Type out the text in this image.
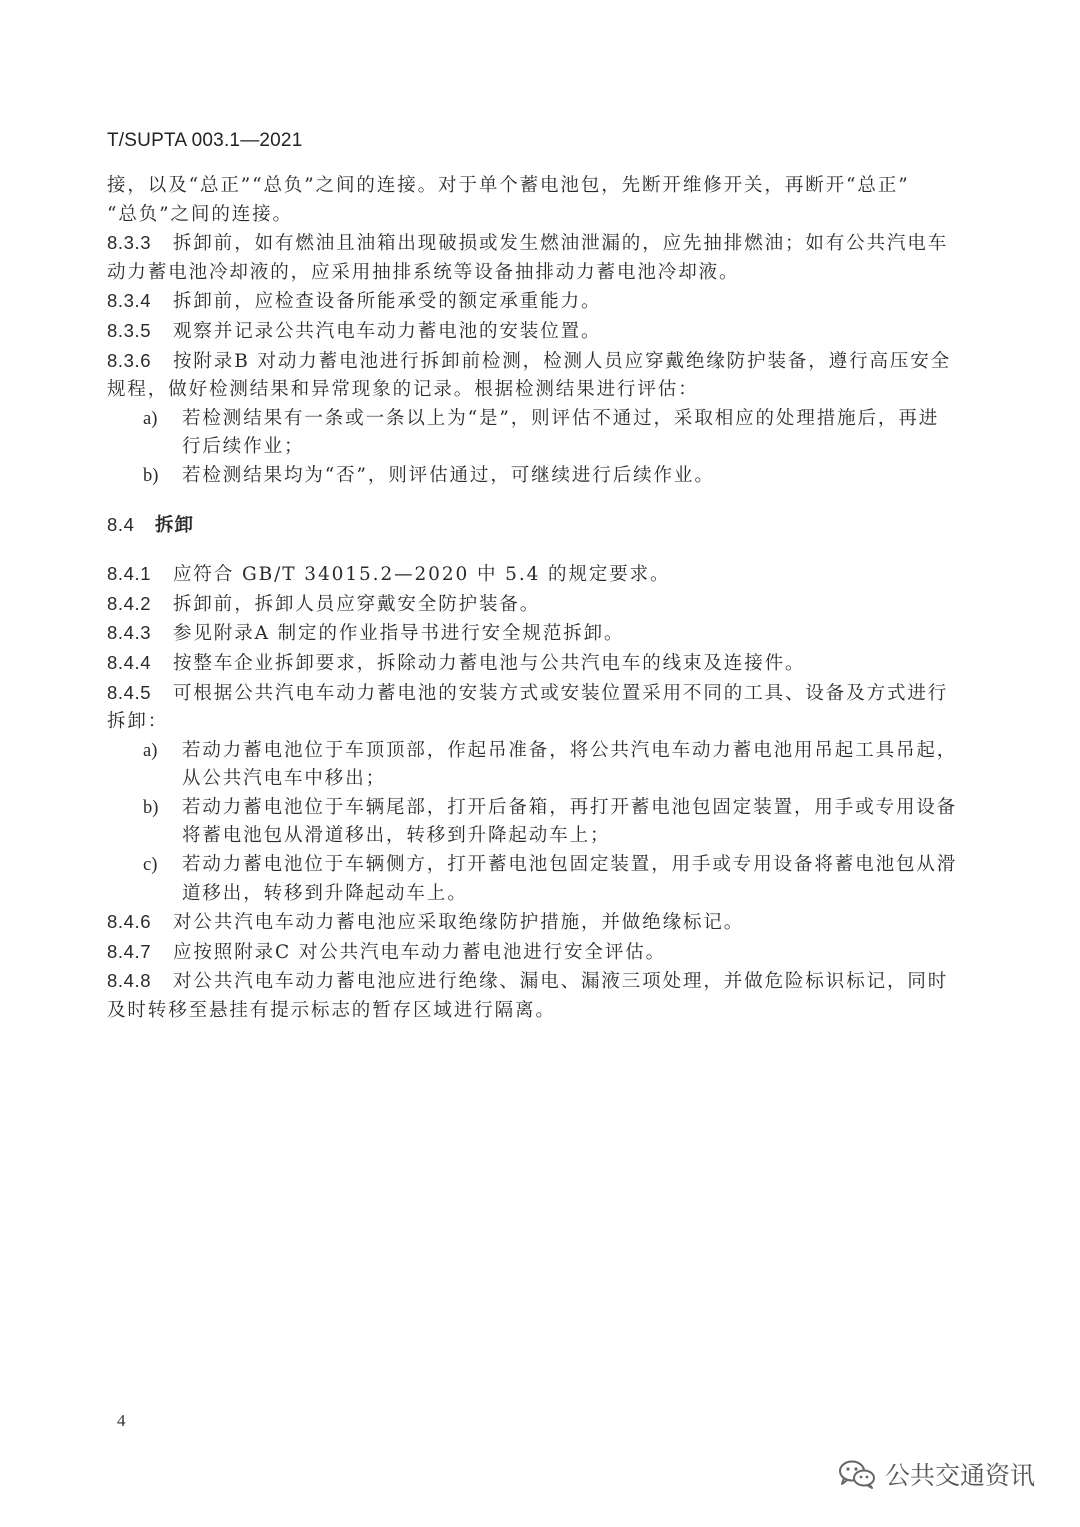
T/SUPTA 003.1—2021
接，以及“总正”“总负”之间的连接。对于单个蓄电池包，先断开维修开关，再断开“总正”
“总负”之间的连接。
8.3.3 拆卸前，如有燃油且油箱出现破损或发生燃油泄漏的，应先抽排燃油；如有公共汽电车
动力蓄电池冷却液的，应采用抽排系统等设备抽排动力蓄电池冷却液。
8.3.4 拆卸前，应检查设备所能承受的额定承重能力。
8.3.5 观察并记录公共汽电车动力蓄电池的安装位置。
8.3.6 按附录B 对动力蓄电池进行拆卸前检测，检测人员应穿戴绝缘防护装备，遵行高压安全
规程，做好检测结果和异常现象的记录。根据检测结果进行评估：
a) 若检测结果有一条或一条以上为“是”，则评估不通过，采取相应的处理措施后，再进
行后续作业；
b) 若检测结果均为“否”，则评估通过，可继续进行后续作业。
8.4 拆卸
8.4.1 应符合 GB/T 34015.2—2020 中 5.4 的规定要求。
8.4.2 拆卸前，拆卸人员应穿戴安全防护装备。
8.4.3 参见附录A 制定的作业指导书进行安全规范拆卸。
8.4.4 按整车企业拆卸要求，拆除动力蓄电池与公共汽电车的线束及连接件。
8.4.5 可根据公共汽电车动力蓄电池的安装方式或安装位置采用不同的工具、设备及方式进行
拆卸：
a) 若动力蓄电池位于车顶顶部，作起吊准备，将公共汽电车动力蓄电池用吊起工具吊起，
从公共汽电车中移出；
b) 若动力蓄电池位于车辆尾部，打开后备箱，再打开蓄电池包固定装置，用手或专用设备
将蓄电池包从滑道移出，转移到升降起动车上；
c) 若动力蓄电池位于车辆侧方，打开蓄电池包固定装置，用手或专用设备将蓄电池包从滑
道移出，转移到升降起动车上。
8.4.6 对公共汽电车动力蓄电池应采取绝缘防护措施，并做绝缘标记。
8.4.7 应按照附录C 对公共汽电车动力蓄电池进行安全评估。
8.4.8 对公共汽电车动力蓄电池应进行绝缘、漏电、漏液三项处理，并做危险标识标记，同时
及时转移至悬挂有提示标志的暂存区域进行隔离。
4
公共交通资讯
